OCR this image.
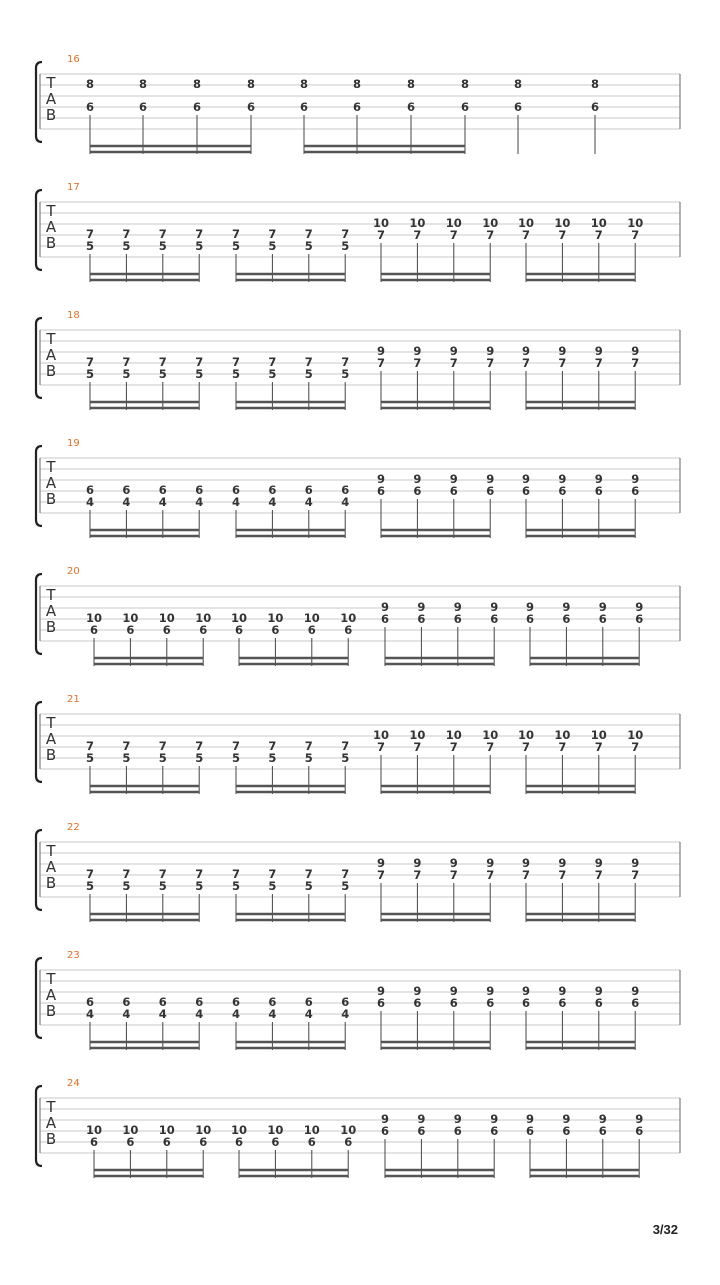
T
A
B
16
8
6
8
6
8
6
8
6
8
6
8
6
8
6
8
6
8
6
8
6
T
A
B
17
7
5
7
5
7
5
7
5
7
5
7
5
7
5
7
5
10
7
10
7
10
7
10
7
10
7
10
7
10
7
10
7
T
A
B
18
7
5
7
5
7
5
7
5
7
5
7
5
7
5
7
5
9
7
9
7
9
7
9
7
9
7
9
7
9
7
9
7
T
A
B
19
6
4
6
4
6
4
6
4
6
4
6
4
6
4
6
4
9
6
9
6
9
6
9
6
9
6
9
6
9
6
9
6
T
A
B
20
10
6
10
6
10
6
10
6
10
6
10
6
10
6
10
6
9
6
9
6
9
6
9
6
9
6
9
6
9
6
9
6
T
A
B
21
7
5
7
5
7
5
7
5
7
5
7
5
7
5
7
5
10
7
10
7
10
7
10
7
10
7
10
7
10
7
10
7
T
A
B
22
7
5
7
5
7
5
7
5
7
5
7
5
7
5
7
5
9
7
9
7
9
7
9
7
9
7
9
7
9
7
9
7
T
A
B
23
6
4
6
4
6
4
6
4
6
4
6
4
6
4
6
4
9
6
9
6
9
6
9
6
9
6
9
6
9
6
9
6
T
A
B
24
10
6
10
6
10
6
10
6
10
6
10
6
10
6
10
6
9
6
9
6
9
6
9
6
9
6
9
6
9
6
9
6
3/32
